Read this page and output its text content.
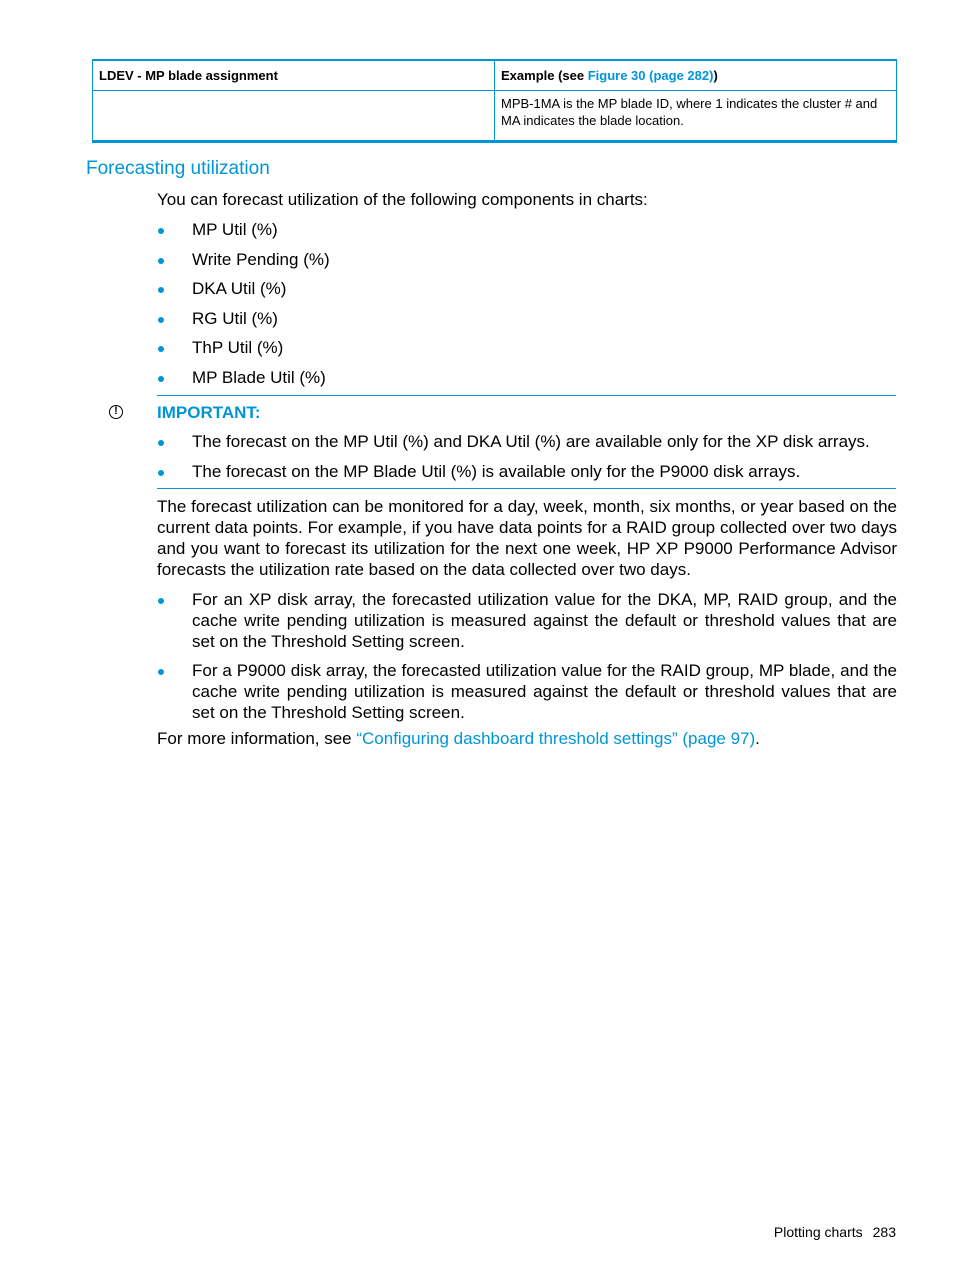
LDEV - MP blade assignment	Example (see Figure 30 (page 282))
	MPB-1MA is the MP blade ID, where 1 indicates the cluster # and MA indicates the blade location.
Forecasting utilization

You can forecast utilization of the following components in charts:

MP Util (%)
Write Pending (%)
DKA Util (%)
RG Util (%)
ThP Util (%)
MP Blade Util (%)
!	IMPORTANT:

The forecast on the MP Util (%) and DKA Util (%) are available only for the XP disk arrays.
The forecast on the MP Blade Util (%) is available only for the P9000 disk arrays.

The forecast utilization can be monitored for a day, week, month, six months, or year based on the current data points. For example, if you have data points for a RAID group collected over two days and you want to forecast its utilization for the next one week, HP XP P9000 Performance Advisor forecasts the utilization rate based on the data collected over two days.

For an XP disk array, the forecasted utilization value for the DKA, MP, RAID group, and the cache write pending utilization is measured against the default or threshold values that are set on the Threshold Setting screen.
For a P9000 disk array, the forecasted utilization value for the RAID group, MP blade, and the cache write pending utilization is measured against the default or threshold values that are set on the Threshold Setting screen.

For more information, see “Configuring dashboard threshold settings” (page 97).

Plotting charts 283
